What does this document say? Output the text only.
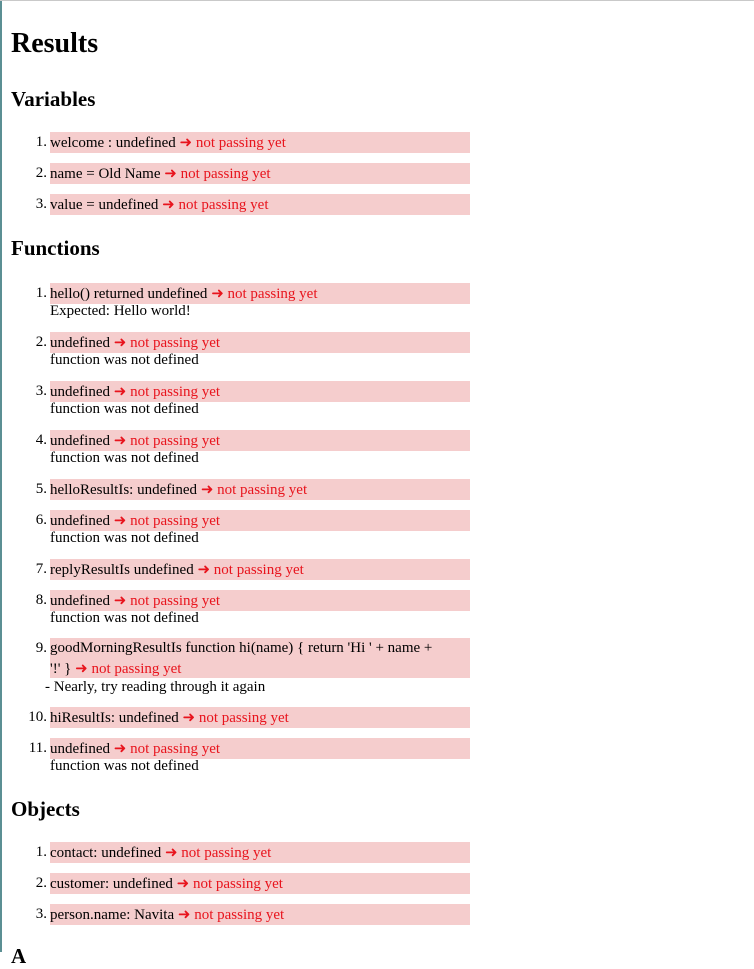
Results
Variables
1. welcome : undefined ➜ not passing yet
2. name = Old Name ➜ not passing yet
3. value = undefined ➜ not passing yet
Functions
1. hello() returned undefined ➜ not passing yet
Expected: Hello world!
2. undefined ➜ not passing yet
function was not defined
3. undefined ➜ not passing yet
function was not defined
4. undefined ➜ not passing yet
function was not defined
5. helloResultIs: undefined ➜ not passing yet
6. undefined ➜ not passing yet
function was not defined
7. replyResultIs undefined ➜ not passing yet
8. undefined ➜ not passing yet
function was not defined
9. goodMorningResultIs function hi(name) { return 'Hi ' + name +
'!' } ➜ not passing yet
- Nearly, try reading through it again
10. hiResultIs: undefined ➜ not passing yet
11. undefined ➜ not passing yet
function was not defined
Objects
1. contact: undefined ➜ not passing yet
2. customer: undefined ➜ not passing yet
3. person.name: Navita ➜ not passing yet
A
